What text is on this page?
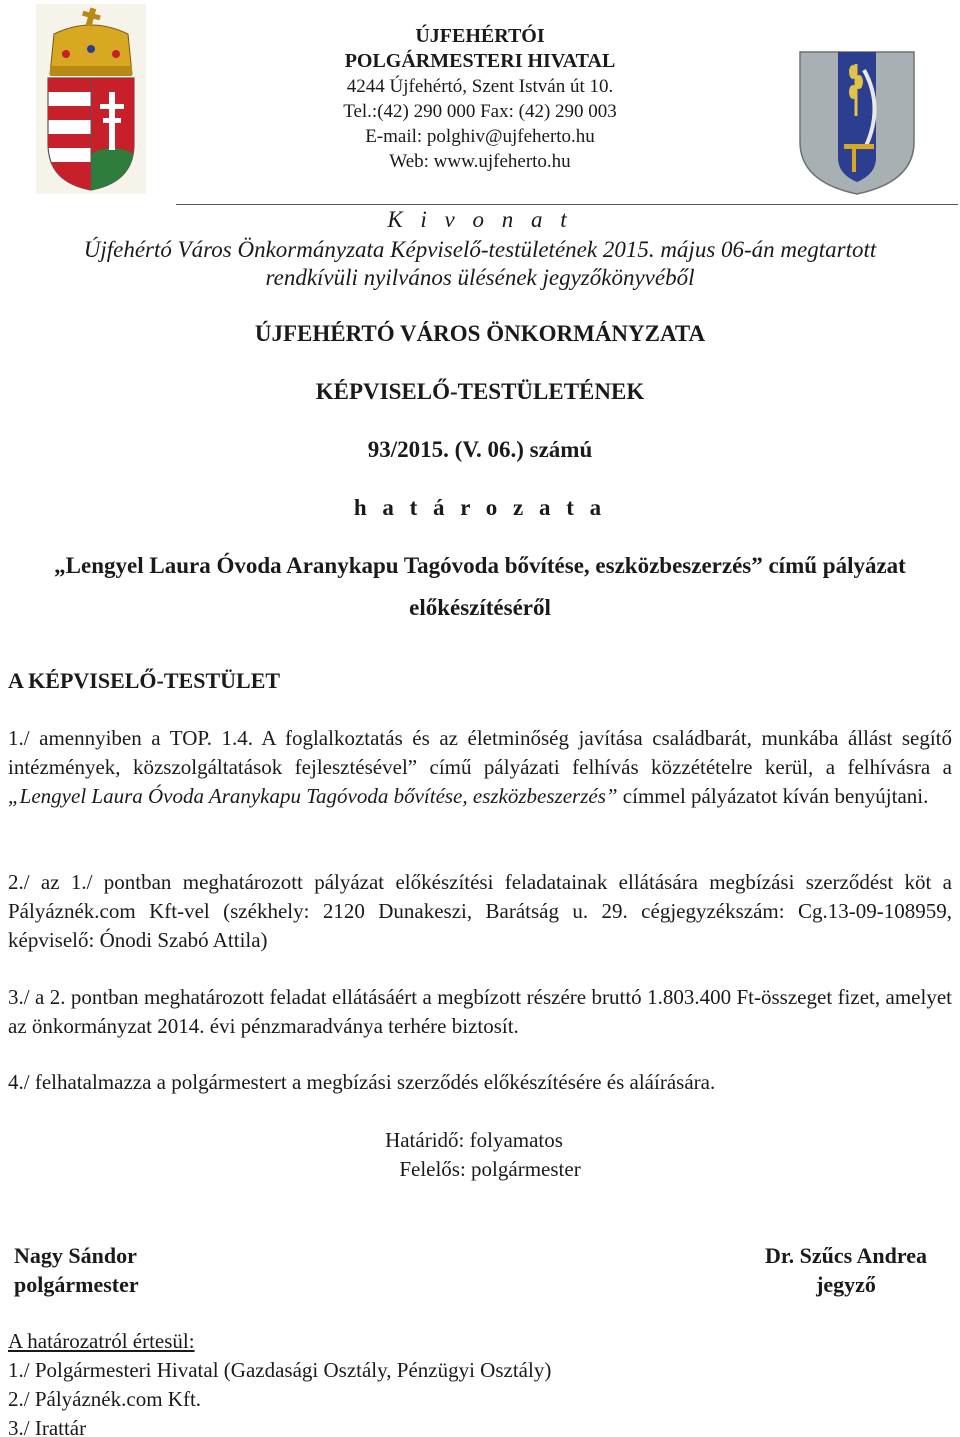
ÚJFEHÉRTÓI
POLGÁRMESTERI HIVATAL
4244 Újfehértó, Szent István út 10.
Tel.:(42) 290 000 Fax: (42) 290 003
E-mail: polghiv@ujfeherto.hu
Web: www.ujfeherto.hu
K i v o n a t
Újfehértó Város Önkormányzata Képviselő-testületének 2015. május 06-án megtartott
rendkívüli nyilvános ülésének jegyzőkönyvéből
ÚJFEHÉRTÓ VÁROS ÖNKORMÁNYZATA
KÉPVISELŐ-TESTÜLETÉNEK
93/2015. (V. 06.) számú
h a t á r o z a t a
„Lengyel Laura Óvoda Aranykapu Tagóvoda bővítése, eszközbeszerzés” című pályázat
előkészítéséről
A KÉPVISELŐ-TESTÜLET

1./ amennyiben a TOP. 1.4. A foglalkoztatás és az életminőség javítása családbarát, munkába állást segítő intézmények, közszolgáltatások fejlesztésével” című pályázati felhívás közzétételre kerül, a felhívásra a „Lengyel Laura Óvoda Aranykapu Tagóvoda bővítése, eszközbeszerzés” címmel pályázatot kíván benyújtani.

2./ az 1./ pontban meghatározott pályázat előkészítési feladatainak ellátására megbízási szerződést köt a Pályáznék.com Kft-vel (székhely: 2120 Dunakeszi, Barátság u. 29. cégjegyzékszám: Cg.13-09-108959, képviselő: Ónodi Szabó Attila)

3./ a 2. pontban meghatározott feladat ellátásáért a megbízott részére bruttó 1.803.400 Ft-összeget fizet, amelyet az önkormányzat 2014. évi pénzmaradványa terhére biztosít.

4./ felhatalmazza a polgármestert a megbízási szerződés előkészítésére és aláírására.

Határidő: folyamatos
Felelős: polgármester
Nagy Sándor
polgármester
Dr. Szűcs Andrea
jegyző
A határozatról értesül:
1./ Polgármesteri Hivatal (Gazdasági Osztály, Pénzügyi Osztály)
2./ Pályáznék.com Kft.
3./ Irattár
